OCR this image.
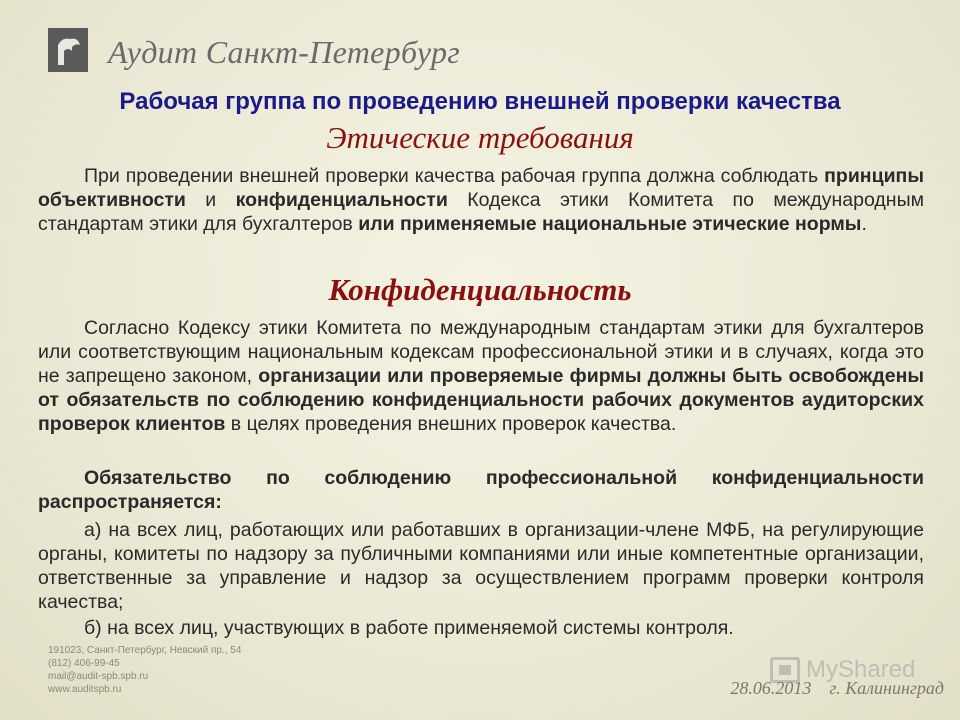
Аудит Санкт-Петербург
Рабочая группа по проведению внешней проверки качества
Этические требования
При проведении внешней проверки качества рабочая группа должна соблюдать принципы объективности и конфиденциальности Кодекса этики Комитета по международным стандартам этики для бухгалтеров или применяемые национальные этические нормы.
Конфиденциальность
Согласно Кодексу этики Комитета по международным стандартам этики для бухгалтеров или соответствующим национальным кодексам профессиональной этики и в случаях, когда это не запрещено законом, организации или проверяемые фирмы должны быть освобождены от обязательств по соблюдению конфиденциальности рабочих документов аудиторских проверок клиентов в целях проведения внешних проверок качества.
Обязательство по соблюдению профессиональной конфиденциальности распространяется:
а) на всех лиц, работающих или работавших в организации-члене МФБ, на регулирующие органы, комитеты по надзору за публичными компаниями или иные компетентные организации, ответственные за управление и надзор за осуществлением программ проверки контроля качества;
б) на всех лиц, участвующих в работе применяемой системы контроля.
191023, Санкт-Петербург, Невский пр., 54
(812) 406-99-45
mail@audit-spb.spb.ru
www.auditspb.ru
MyShared
28.06.2013    г. Калининград
